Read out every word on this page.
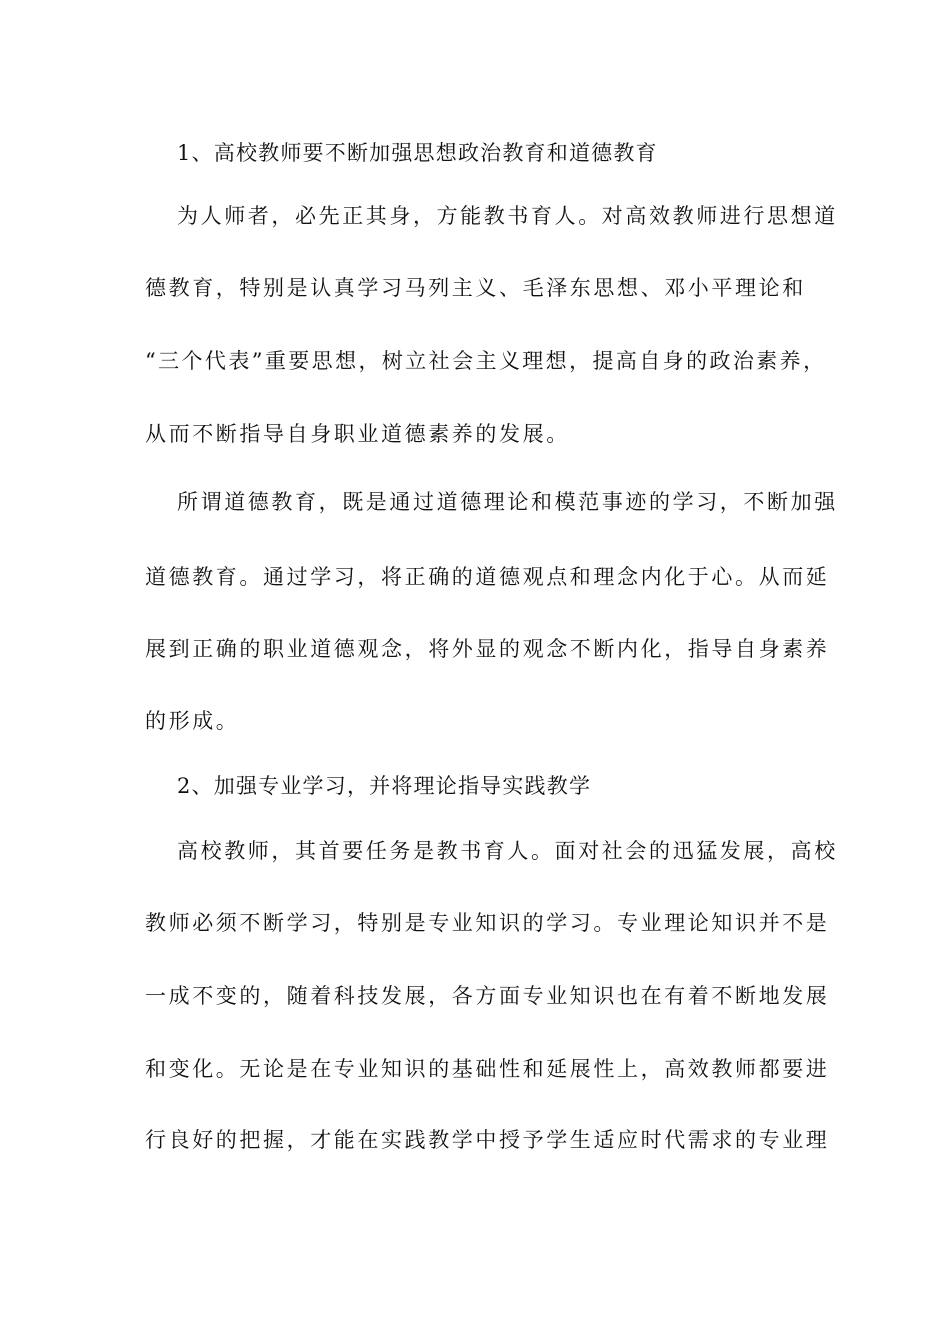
1、高校教师要不断加强思想政治教育和道德教育
为人师者，必先正其身，方能教书育人。对高效教师进行思想道
德教育，特别是认真学习马列主义、毛泽东思想、邓小平理论和
“三个代表”重要思想，树立社会主义理想，提高自身的政治素养，
从而不断指导自身职业道德素养的发展。
所谓道德教育，既是通过道德理论和模范事迹的学习，不断加强
道德教育。通过学习，将正确的道德观点和理念内化于心。从而延
展到正确的职业道德观念，将外显的观念不断内化，指导自身素养
的形成。
2、加强专业学习，并将理论指导实践教学
高校教师，其首要任务是教书育人。面对社会的迅猛发展，高校
教师必须不断学习，特别是专业知识的学习。专业理论知识并不是
一成不变的，随着科技发展，各方面专业知识也在有着不断地发展
和变化。无论是在专业知识的基础性和延展性上，高效教师都要进
行良好的把握，才能在实践教学中授予学生适应时代需求的专业理
